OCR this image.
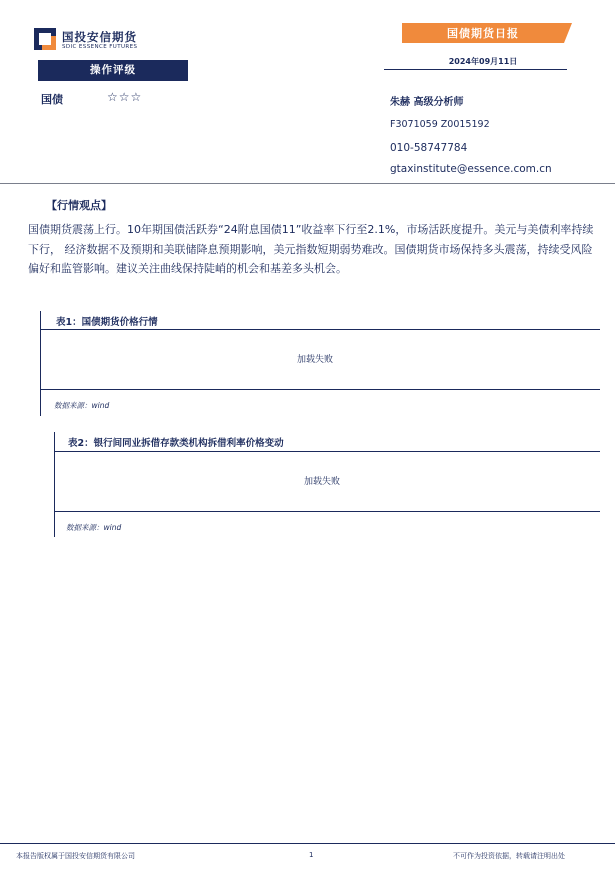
国投安信期货
SDIC ESSENCE FUTURES
国债期货日报
2024年09月11日
操作评级
国债	☆☆☆	朱赫 高级分析师
F3071059 Z0015192
010-58747784
gtaxinstitute@essence.com.cn
【行情观点】
国债期货震荡上行。10年期国债活跃券“24附息国债11”收益率下行至2.1%，市场活跃度提升。美元与美债利率持续下行， 经济数据不及预期和美联储降息预期影响，美元指数短期弱势难改。国债期货市场保持多头震荡，持续受风险偏好和监管影响。建议关注曲线保持陡峭的机会和基差多头机会。
表1：国债期货价格行情
加载失败
数据来源：wind
表2：银行间同业拆借存款类机构拆借利率价格变动
加载失败
数据来源：wind
本报告版权属于国投安信期货有限公司	1	不可作为投资依据，转载请注明出处
